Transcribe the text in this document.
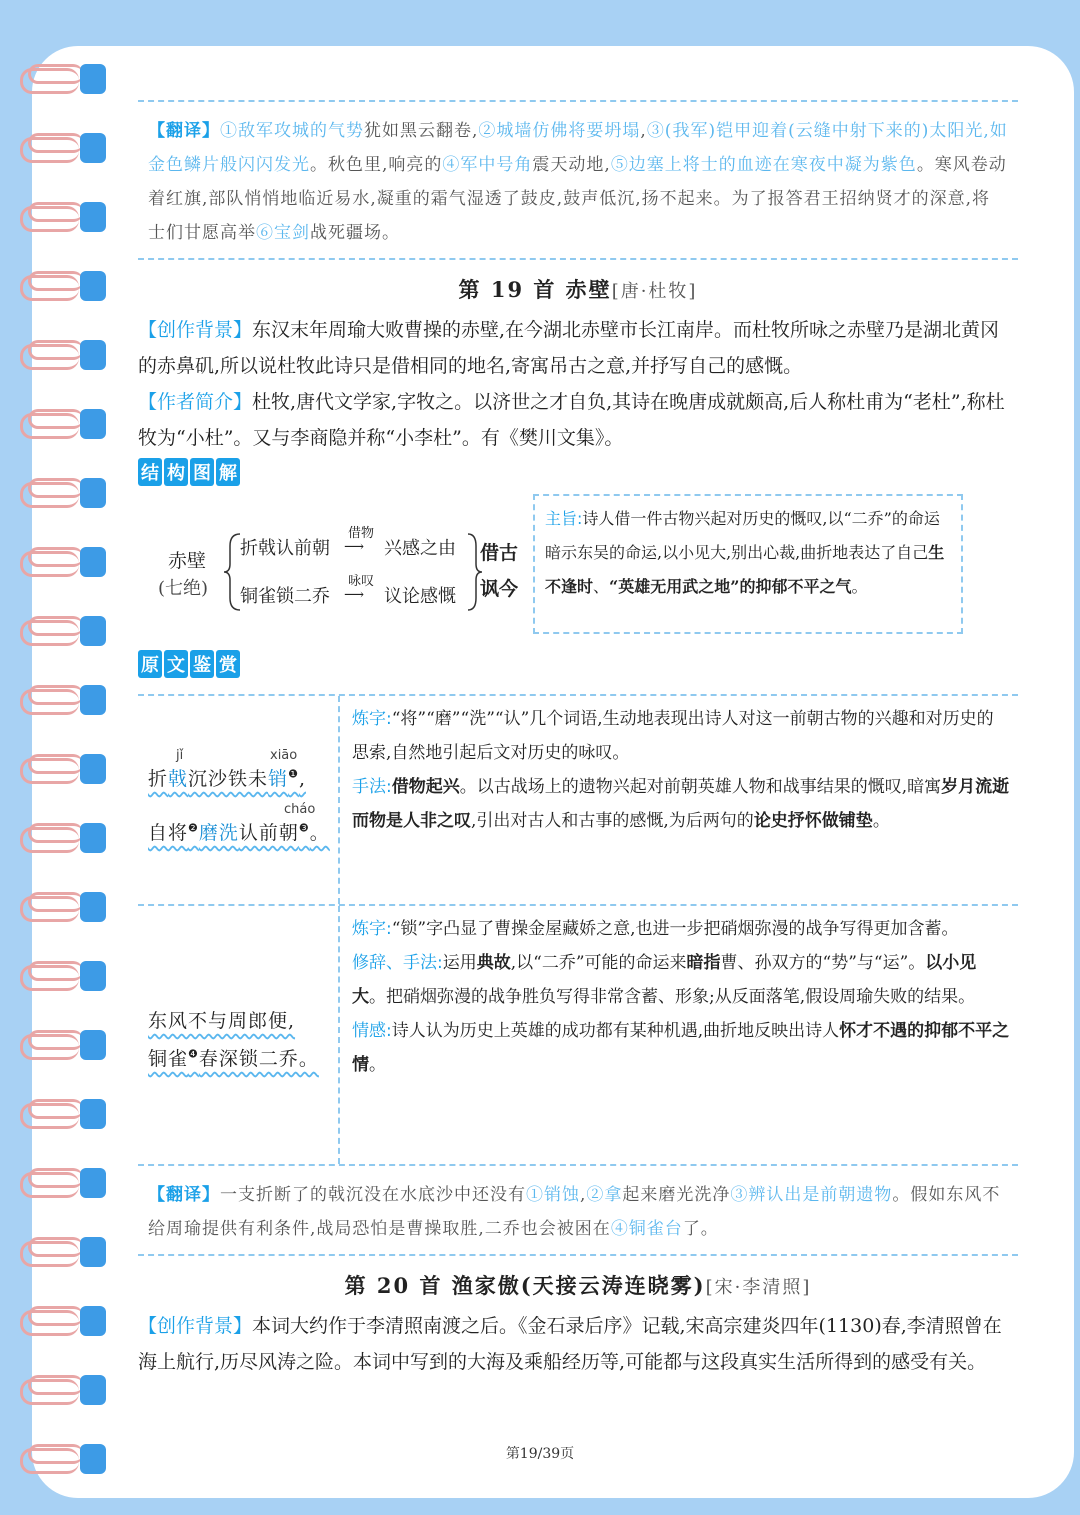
【翻译】①敌军攻城的气势犹如黑云翻卷,②城墙仿佛将要坍塌,③(我军)铠甲迎着(云缝中射下来的)太阳光,如金色鳞片般闪闪发光。秋色里,响亮的④军中号角震天动地,⑤边塞上将士的血迹在寒夜中凝为紫色。寒风卷动着红旗,部队悄悄地临近易水,凝重的霜气湿透了鼓皮,鼓声低沉,扬不起来。为了报答君王招纳贤才的深意,将士们甘愿高举⑥宝剑战死疆场。
第 19 首 赤壁[唐·杜牧]
【创作背景】东汉末年周瑜大败曹操的赤壁,在今湖北赤壁市长江南岸。而杜牧所咏之赤壁乃是湖北黄冈的赤鼻矶,所以说杜牧此诗只是借相同的地名,寄寓吊古之意,并抒写自己的感慨。
【作者简介】杜牧,唐代文学家,字牧之。以济世之才自负,其诗在晚唐成就颇高,后人称杜甫为“老杜”,称杜牧为“小杜”。又与李商隐并称“小李杜”。有《樊川文集》。
结 构 图 解
赤壁
(七绝)
折戟认前朝
借物
⟶ 兴感之由
铜雀锁二乔
咏叹
⟶ 议论感慨
借古
讽今
主旨:诗人借一件古物兴起对历史的慨叹,以“二乔”的命运暗示东吴的命运,以小见大,别出心裁,曲折地表达了自己生不逢时、“英雄无用武之地”的抑郁不平之气。
原 文 鉴 赏
jǐ	xiāo
折戟沉沙铁未销$^❶$,
cháo
自将$^❷$磨洗认前朝$^❸$。
炼字:“将”“磨”“洗”“认”几个词语,生动地表现出诗人对这一前朝古物的兴趣和对历史的思索,自然地引起后文对历史的咏叹。
手法:借物起兴。以古战场上的遗物兴起对前朝英雄人物和战事结果的慨叹,暗寓岁月流逝而物是人非之叹,引出对古人和古事的感慨,为后两句的论史抒怀做铺垫。
东风不与周郎便,
铜雀$^❹$春深锁二乔。
炼字:“锁”字凸显了曹操金屋藏娇之意,也进一步把硝烟弥漫的战争写得更加含蓄。
修辞、手法:运用典故,以“二乔”可能的命运来暗指曹、孙双方的“势”与“运”。以小见大。把硝烟弥漫的战争胜负写得非常含蓄、形象;从反面落笔,假设周瑜失败的结果。
情感:诗人认为历史上英雄的成功都有某种机遇,曲折地反映出诗人怀才不遇的抑郁不平之情。
【翻译】一支折断了的戟沉没在水底沙中还没有①销蚀,②拿起来磨光洗净③辨认出是前朝遗物。假如东风不给周瑜提供有利条件,战局恐怕是曹操取胜,二乔也会被困在④铜雀台了。
第 20 首 渔家傲(天接云涛连晓雾)[宋·李清照]
【创作背景】本词大约作于李清照南渡之后。《金石录后序》记载,宋高宗建炎四年(1130)春,李清照曾在海上航行,历尽风涛之险。本词中写到的大海及乘船经历等,可能都与这段真实生活所得到的感受有关。
第19/39页
